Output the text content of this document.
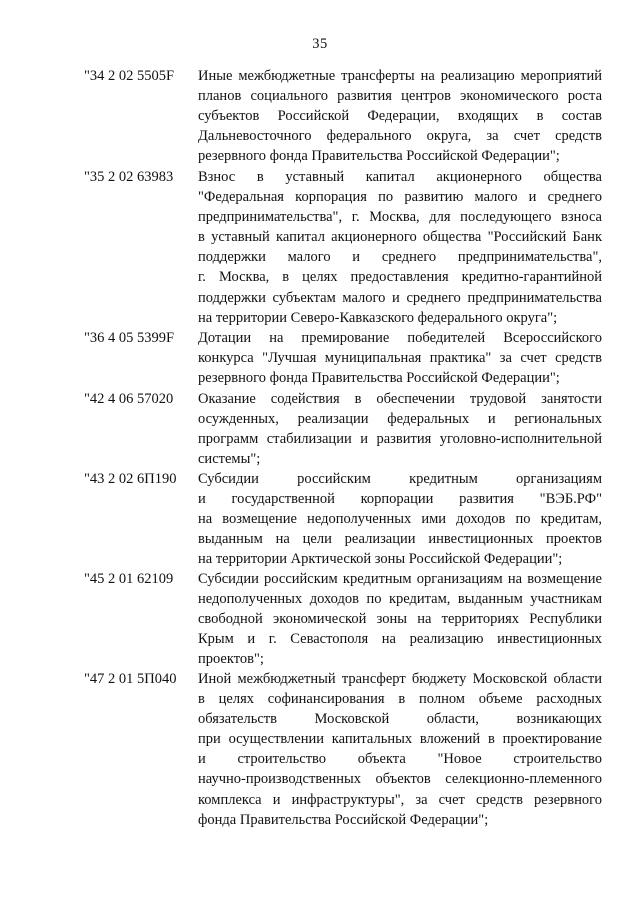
35
"34 2 02 5505F	Иные межбюджетные трансферты на реализацию мероприятий
планов социального развития центров экономического роста
субъектов Российской Федерации, входящих в состав
Дальневосточного федерального округа, за счет средств
резервного фонда Правительства Российской Федерации";
"35 2 02 63983	Взнос в уставный капитал акционерного общества
"Федеральная корпорация по развитию малого и среднего
предпринимательства", г. Москва, для последующего взноса
в уставный капитал акционерного общества "Российский Банк
поддержки малого и среднего предпринимательства",
г. Москва, в целях предоставления кредитно-гарантийной
поддержки субъектам малого и среднего предпринимательства
на территории Северо-Кавказского федерального округа";
"36 4 05 5399F	Дотации на премирование победителей Всероссийского
конкурса "Лучшая муниципальная практика" за счет средств
резервного фонда Правительства Российской Федерации";
"42 4 06 57020	Оказание содействия в обеспечении трудовой занятости
осужденных, реализации федеральных и региональных
программ стабилизации и развития уголовно-исполнительной
системы";
"43 2 02 6П190	Субсидии российским кредитным организациям
и государственной корпорации развития "ВЭБ.РФ"
на возмещение недополученных ими доходов по кредитам,
выданным на цели реализации инвестиционных проектов
на территории Арктической зоны Российской Федерации";
"45 2 01 62109	Субсидии российским кредитным организациям на возмещение
недополученных доходов по кредитам, выданным участникам
свободной экономической зоны на территориях Республики
Крым и г. Севастополя на реализацию инвестиционных
проектов";
"47 2 01 5П040	Иной межбюджетный трансферт бюджету Московской области
в целях софинансирования в полном объеме расходных
обязательств Московской области, возникающих
при осуществлении капитальных вложений в проектирование
и строительство объекта "Новое строительство
научно-производственных объектов селекционно-племенного
комплекса и инфраструктуры", за счет средств резервного
фонда Правительства Российской Федерации";
